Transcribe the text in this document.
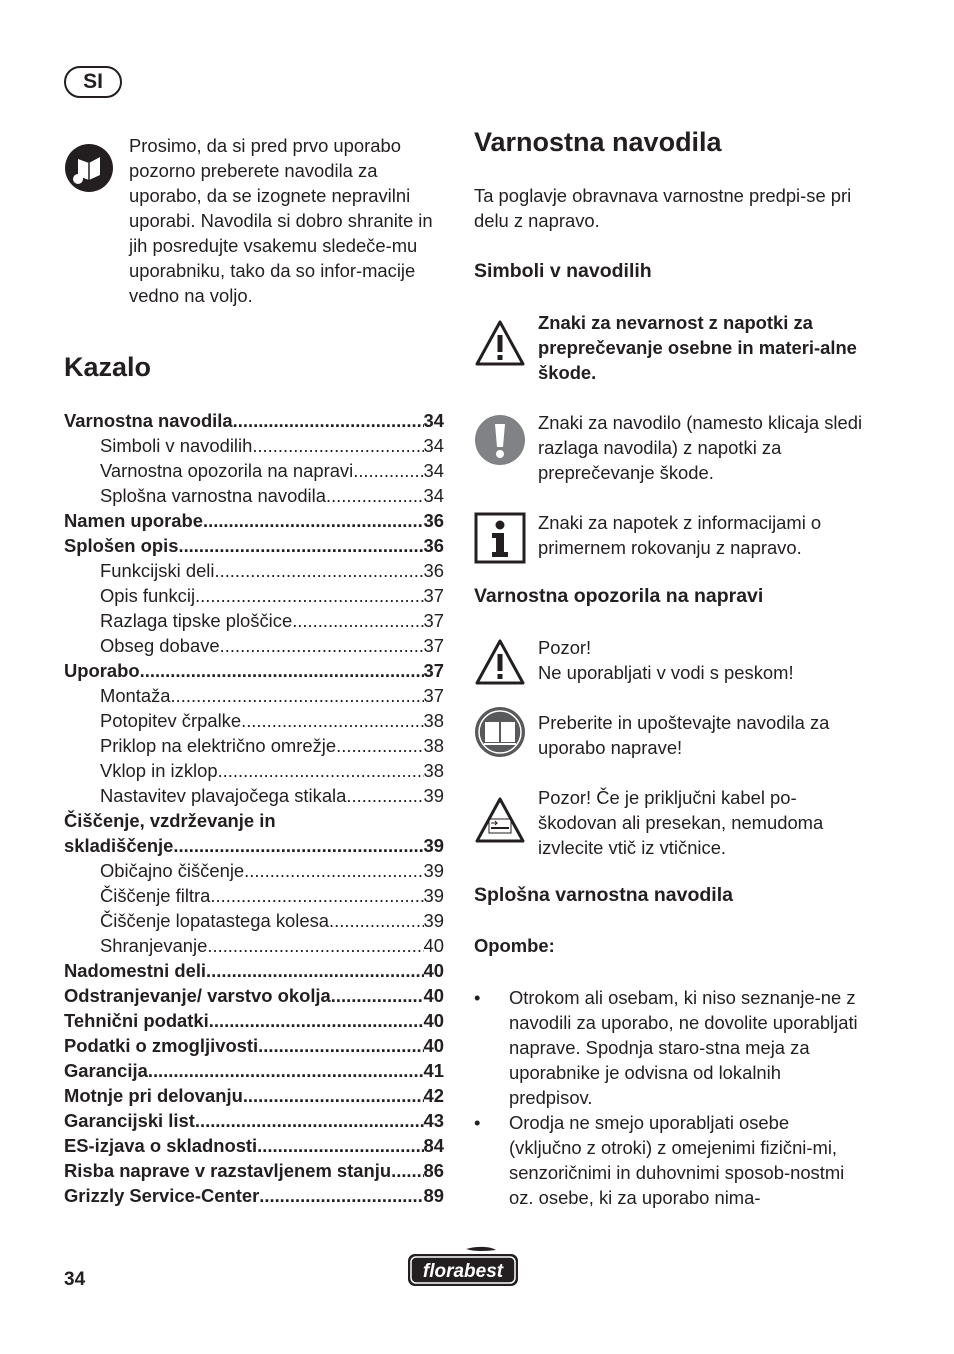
SI

Prosimo, da si pred prvo uporabo pozorno preberete navodila za uporabo, da se izognete nepravilni uporabi. Navodila si dobro shranite in jih posredujte vsakemu sledeče-mu uporabniku, tako da so infor-macije vedno na voljo.

Kazalo
Varnostna navodila .....	34
Simboli v navodilih .....	34
Varnostna opozorila na napravi .....	34
Splošna varnostna navodila .....	34
Namen uporabe .....	36
Splošen opis .....	36
Funkcijski deli .....	36
Opis funkcij .....	37
Razlaga tipske ploščice .....	37
Obseg dobave .....	37
Uporabo .....	37
Montaža .....	37
Potopitev črpalke .....	38
Priklop na električno omrežje .....	38
Vklop in izklop .....	38
Nastavitev plavajočega stikala .....	39
Čiščenje, vzdrževanje in
skladiščenje .....	39
Običajno čiščenje .....	39
Čiščenje filtra .....	39
Čiščenje lopatastega kolesa .....	39
Shranjevanje .....	40
Nadomestni deli .....	40
Odstranjevanje/ varstvo okolja .....	40
Tehnični podatki .....	40
Podatki o zmogljivosti .....	40
Garancija .....	41
Motnje pri delovanju .....	42
Garancijski list .....	43
ES-izjava o skladnosti .....	84
Risba naprave v razstavljenem stanju ..... 86
Grizzly Service-Center .....	89
Varnostna navodila

Ta poglavje obravnava varnostne predpi-se pri delu z napravo.

Simboli v navodilih

Znaki za nevarnost z napotki za preprečevanje osebne in materi-alne škode.

Znaki za navodilo (namesto klicaja sledi razlaga navodila) z napotki za preprečevanje škode.

Znaki za napotek z informacijami o primernem rokovanju z napravo.

Varnostna opozorila na napravi

Pozor!
Ne uporabljati v vodi s peskom!

Preberite in upoštevajte navodila za uporabo naprave!

Pozor! Če je priključni kabel po-škodovan ali presekan, nemudoma izvlecite vtič iz vtičnice.

Splošna varnostna navodila

Opombe:

• Otrokom ali osebam, ki niso seznanje-ne z navodili za uporabo, ne dovolite uporabljati naprave. Spodnja staro-stna meja za uporabnike je odvisna od lokalnih predpisov.
• Orodja ne smejo uporabljati osebe (vključno z otroki) z omejenimi fizični-mi, senzoričnimi in duhovnimi sposob-nostmi oz. osebe, ki za uporabo nima-
34	florabest
